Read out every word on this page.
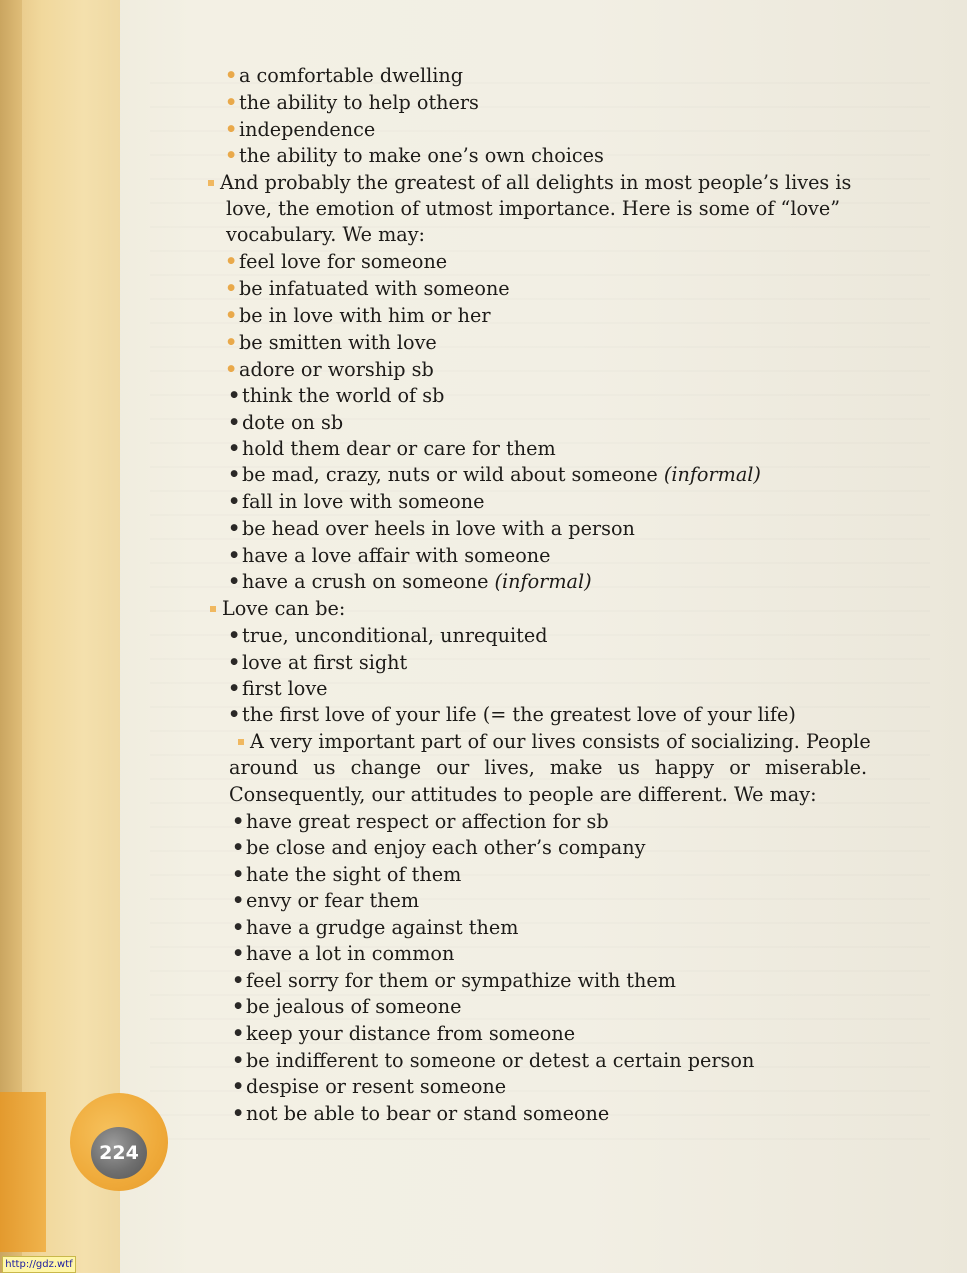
224
•a comfortable dwelling
•the ability to help others
•independence
•the ability to make one’s own choices
And probably the greatest of all delights in most people’s lives is
love, the emotion of utmost importance. Here is some of “love”
vocabulary. We may:
•feel love for someone
•be infatuated with someone
•be in love with him or her
•be smitten with love
•adore or worship sb
•think the world of sb
•dote on sb
•hold them dear or care for them
•be mad, crazy, nuts or wild about someone (informal)
•fall in love with someone
•be head over heels in love with a person
•have a love affair with someone
•have a crush on someone (informal)
Love can be:
•true, unconditional, unrequited
•love at first sight
•first love
•the first love of your life (= the greatest love of your life)
A very important part of our lives consists of socializing. People
around us change our lives, make us happy or miserable.
Consequently, our attitudes to people are different. We may:
•have great respect or affection for sb
•be close and enjoy each other’s company
•hate the sight of them
•envy or fear them
•have a grudge against them
•have a lot in common
•feel sorry for them or sympathize with them
•be jealous of someone
•keep your distance from someone
•be indifferent to someone or detest a certain person
•despise or resent someone
•not be able to bear or stand someone
http://gdz.wtf
